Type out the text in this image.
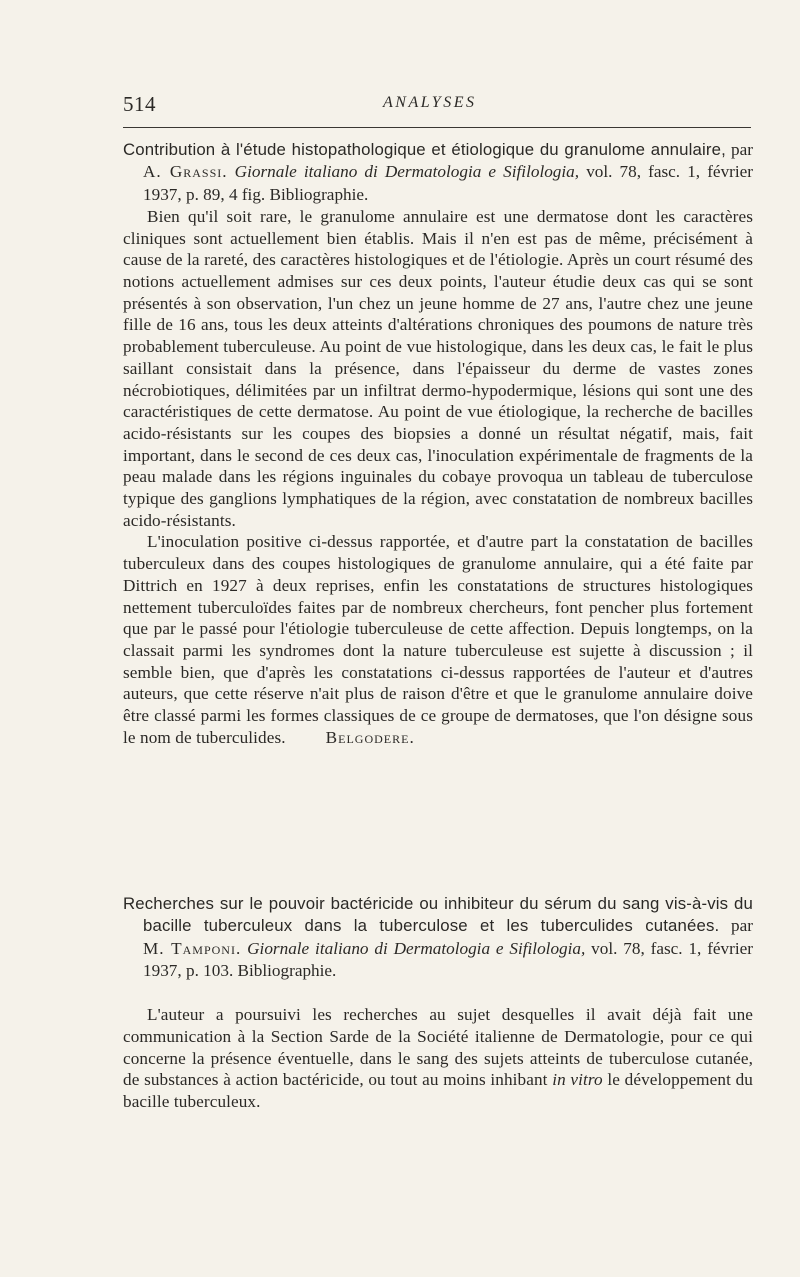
514	ANALYSES

Contribution à l'étude histopathologique et étiologique du granulome annulaire, par A. Grassi. Giornale italiano di Dermatologia e Sifilologia, vol. 78, fasc. 1, février 1937, p. 89, 4 fig. Bibliographie.

Bien qu'il soit rare, le granulome annulaire est une dermatose dont les caractères cliniques sont actuellement bien établis. Mais il n'en est pas de même, précisément à cause de la rareté, des caractères histologiques et de l'étiologie. Après un court résumé des notions actuellement admises sur ces deux points, l'auteur étudie deux cas qui se sont présentés à son observation, l'un chez un jeune homme de 27 ans, l'autre chez une jeune fille de 16 ans, tous les deux atteints d'altérations chroniques des poumons de nature très probablement tuberculeuse. Au point de vue histologique, dans les deux cas, le fait le plus saillant consistait dans la présence, dans l'épaisseur du derme de vastes zones nécrobiotiques, délimitées par un infiltrat dermo-hypodermique, lésions qui sont une des caractéristiques de cette dermatose. Au point de vue étiologique, la recherche de bacilles acido-résistants sur les coupes des biopsies a donné un résultat négatif, mais, fait important, dans le second de ces deux cas, l'inoculation expérimentale de fragments de la peau malade dans les régions inguinales du cobaye provoqua un tableau de tuberculose typique des ganglions lymphatiques de la région, avec constatation de nombreux bacilles acido-résistants.

L'inoculation positive ci-dessus rapportée, et d'autre part la constatation de bacilles tuberculeux dans des coupes histologiques de granulome annulaire, qui a été faite par Dittrich en 1927 à deux reprises, enfin les constatations de structures histologiques nettement tuberculoïdes faites par de nombreux chercheurs, font pencher plus fortement que par le passé pour l'étiologie tuberculeuse de cette affection. Depuis longtemps, on la classait parmi les syndromes dont la nature tuberculeuse est sujette à discussion ; il semble bien, que d'après les constatations ci-dessus rapportées de l'auteur et d'autres auteurs, que cette réserve n'ait plus de raison d'être et que le granulome annulaire doive être classé parmi les formes classiques de ce groupe de dermatoses, que l'on désigne sous le nom de tuberculides. Belgodere.

Recherches sur le pouvoir bactéricide ou inhibiteur du sérum du sang vis-à-vis du bacille tuberculeux dans la tuberculose et les tuberculides cutanées. par M. Tamponi. Giornale italiano di Dermatologia e Sifilologia, vol. 78, fasc. 1, février 1937, p. 103. Bibliographie.

L'auteur a poursuivi les recherches au sujet desquelles il avait déjà fait une communication à la Section Sarde de la Société italienne de Dermatologie, pour ce qui concerne la présence éventuelle, dans le sang des sujets atteints de tuberculose cutanée, de substances à action bactéricide, ou tout au moins inhibant in vitro le développement du bacille tuberculeux.
